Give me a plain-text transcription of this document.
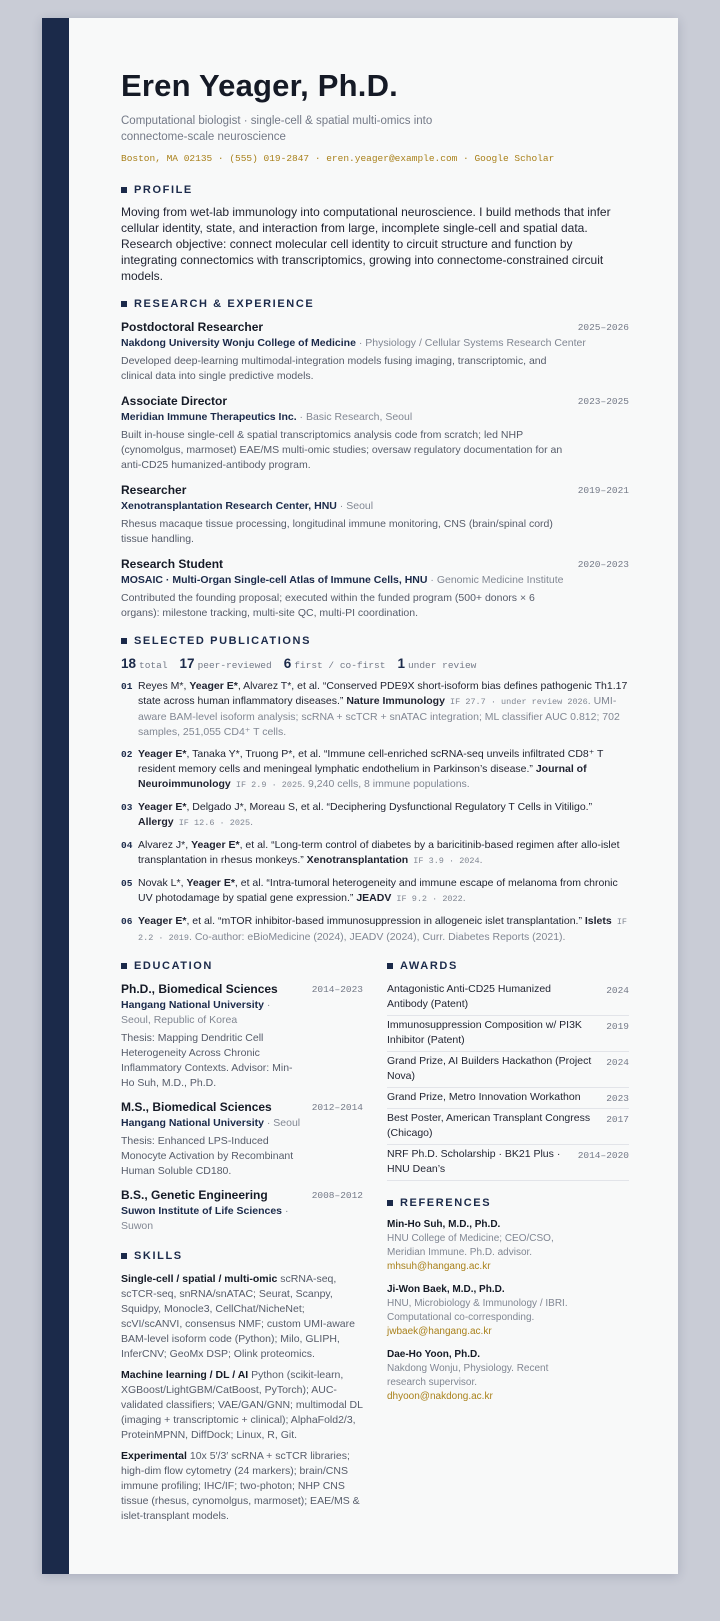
Eren Yeager, Ph.D.
Computational biologist · single-cell & spatial multi-omics into connectome-scale neuroscience
Boston, MA 02135 · (555) 019-2847 · eren.yeager@example.com · Google Scholar
PROFILE
Moving from wet-lab immunology into computational neuroscience. I build methods that infer cellular identity, state, and interaction from large, incomplete single-cell and spatial data. Research objective: connect molecular cell identity to circuit structure and function by integrating connectomics with transcriptomics, growing into connectome-constrained circuit models.
RESEARCH & EXPERIENCE
Postdoctoral Researcher	2025–2026
Nakdong University Wonju College of Medicine · Physiology / Cellular Systems Research Center
Developed deep-learning multimodal-integration models fusing imaging, transcriptomic, and clinical data into single predictive models.
Associate Director	2023–2025
Meridian Immune Therapeutics Inc. · Basic Research, Seoul
Built in-house single-cell & spatial transcriptomics analysis code from scratch; led NHP (cynomolgus, marmoset) EAE/MS multi-omic studies; oversaw regulatory documentation for an anti-CD25 humanized-antibody program.
Researcher	2019–2021
Xenotransplantation Research Center, HNU · Seoul
Rhesus macaque tissue processing, longitudinal immune monitoring, CNS (brain/spinal cord) tissue handling.
Research Student	2020–2023
MOSAIC · Multi-Organ Single-cell Atlas of Immune Cells, HNU · Genomic Medicine Institute
Contributed the founding proposal; executed within the funded program (500+ donors × 6 organs): milestone tracking, multi-site QC, multi-PI coordination.
SELECTED PUBLICATIONS
18 total 17 peer-reviewed 6 first / co-first 1 under review
01 Reyes M*, Yeager E*, Alvarez T*, et al. “Conserved PDE9X short-isoform bias defines pathogenic Th1.17 state across human inflammatory diseases.” Nature Immunology IF 27.7 · under review 2026. UMI-aware BAM-level isoform analysis; scRNA + scTCR + snATAC integration; ML classifier AUC 0.812; 702 samples, 251,055 CD4⁺ T cells.
02 Yeager E*, Tanaka Y*, Truong P*, et al. “Immune cell-enriched scRNA-seq unveils infiltrated CD8⁺ T resident memory cells and meningeal lymphatic endothelium in Parkinson’s disease.” Journal of Neuroimmunology IF 2.9 · 2025. 9,240 cells, 8 immune populations.
03 Yeager E*, Delgado J*, Moreau S, et al. “Deciphering Dysfunctional Regulatory T Cells in Vitiligo.” Allergy IF 12.6 · 2025.
04 Alvarez J*, Yeager E*, et al. “Long-term control of diabetes by a baricitinib-based regimen after allo-islet transplantation in rhesus monkeys.” Xenotransplantation IF 3.9 · 2024.
05 Novak L*, Yeager E*, et al. “Intra-tumoral heterogeneity and immune escape of melanoma from chronic UV photodamage by spatial gene expression.” JEADV IF 9.2 · 2022.
06 Yeager E*, et al. “mTOR inhibitor-based immunosuppression in allogeneic islet transplantation.” Islets IF 2.2 · 2019. Co-author: eBioMedicine (2024), JEADV (2024), Curr. Diabetes Reports (2021).
EDUCATION
Ph.D., Biomedical Sciences	2014–2023
Hangang National University · Seoul, Republic of Korea
Thesis: Mapping Dendritic Cell Heterogeneity Across Chronic Inflammatory Contexts. Advisor: Min-Ho Suh, M.D., Ph.D.
M.S., Biomedical Sciences	2012–2014
Hangang National University · Seoul
Thesis: Enhanced LPS-Induced Monocyte Activation by Recombinant Human Soluble CD180.
B.S., Genetic Engineering	2008–2012
Suwon Institute of Life Sciences · Suwon
SKILLS
Single-cell / spatial / multi-omic scRNA-seq, scTCR-seq, snRNA/snATAC; Seurat, Scanpy, Squidpy, Monocle3, CellChat/NicheNet; scVI/scANVI, consensus NMF; custom UMI-aware BAM-level isoform code (Python); Milo, GLIPH, InferCNV; GeoMx DSP; Olink proteomics.
Machine learning / DL / AI Python (scikit-learn, XGBoost/LightGBM/CatBoost, PyTorch); AUC-validated classifiers; VAE/GAN/GNN; multimodal DL (imaging + transcriptomic + clinical); AlphaFold2/3, ProteinMPNN, DiffDock; Linux, R, Git.
Experimental 10x 5′/3′ scRNA + scTCR libraries; high-dim flow cytometry (24 markers); brain/CNS immune profiling; IHC/IF; two-photon; NHP CNS tissue (rhesus, cynomolgus, marmoset); EAE/MS & islet-transplant models.
AWARDS
Antagonistic Anti-CD25 Humanized Antibody (Patent)
2024
Immunosuppression Composition w/ PI3K Inhibitor (Patent)
2019
Grand Prize, AI Builders Hackathon (Project Nova)
2024
Grand Prize, Metro Innovation Workathon	2023
Best Poster, American Transplant Congress (Chicago)
2017
NRF Ph.D. Scholarship · BK21 Plus · HNU Dean’s
2014–2020
REFERENCES
Min-Ho Suh, M.D., Ph.D.
HNU College of Medicine; CEO/CSO, Meridian Immune. Ph.D. advisor.
mhsuh@hangang.ac.kr
Ji-Won Baek, M.D., Ph.D.
HNU, Microbiology & Immunology / IBRI. Computational co-corresponding.
jwbaek@hangang.ac.kr
Dae-Ho Yoon, Ph.D.
Nakdong Wonju, Physiology. Recent research supervisor.
dhyoon@nakdong.ac.kr
